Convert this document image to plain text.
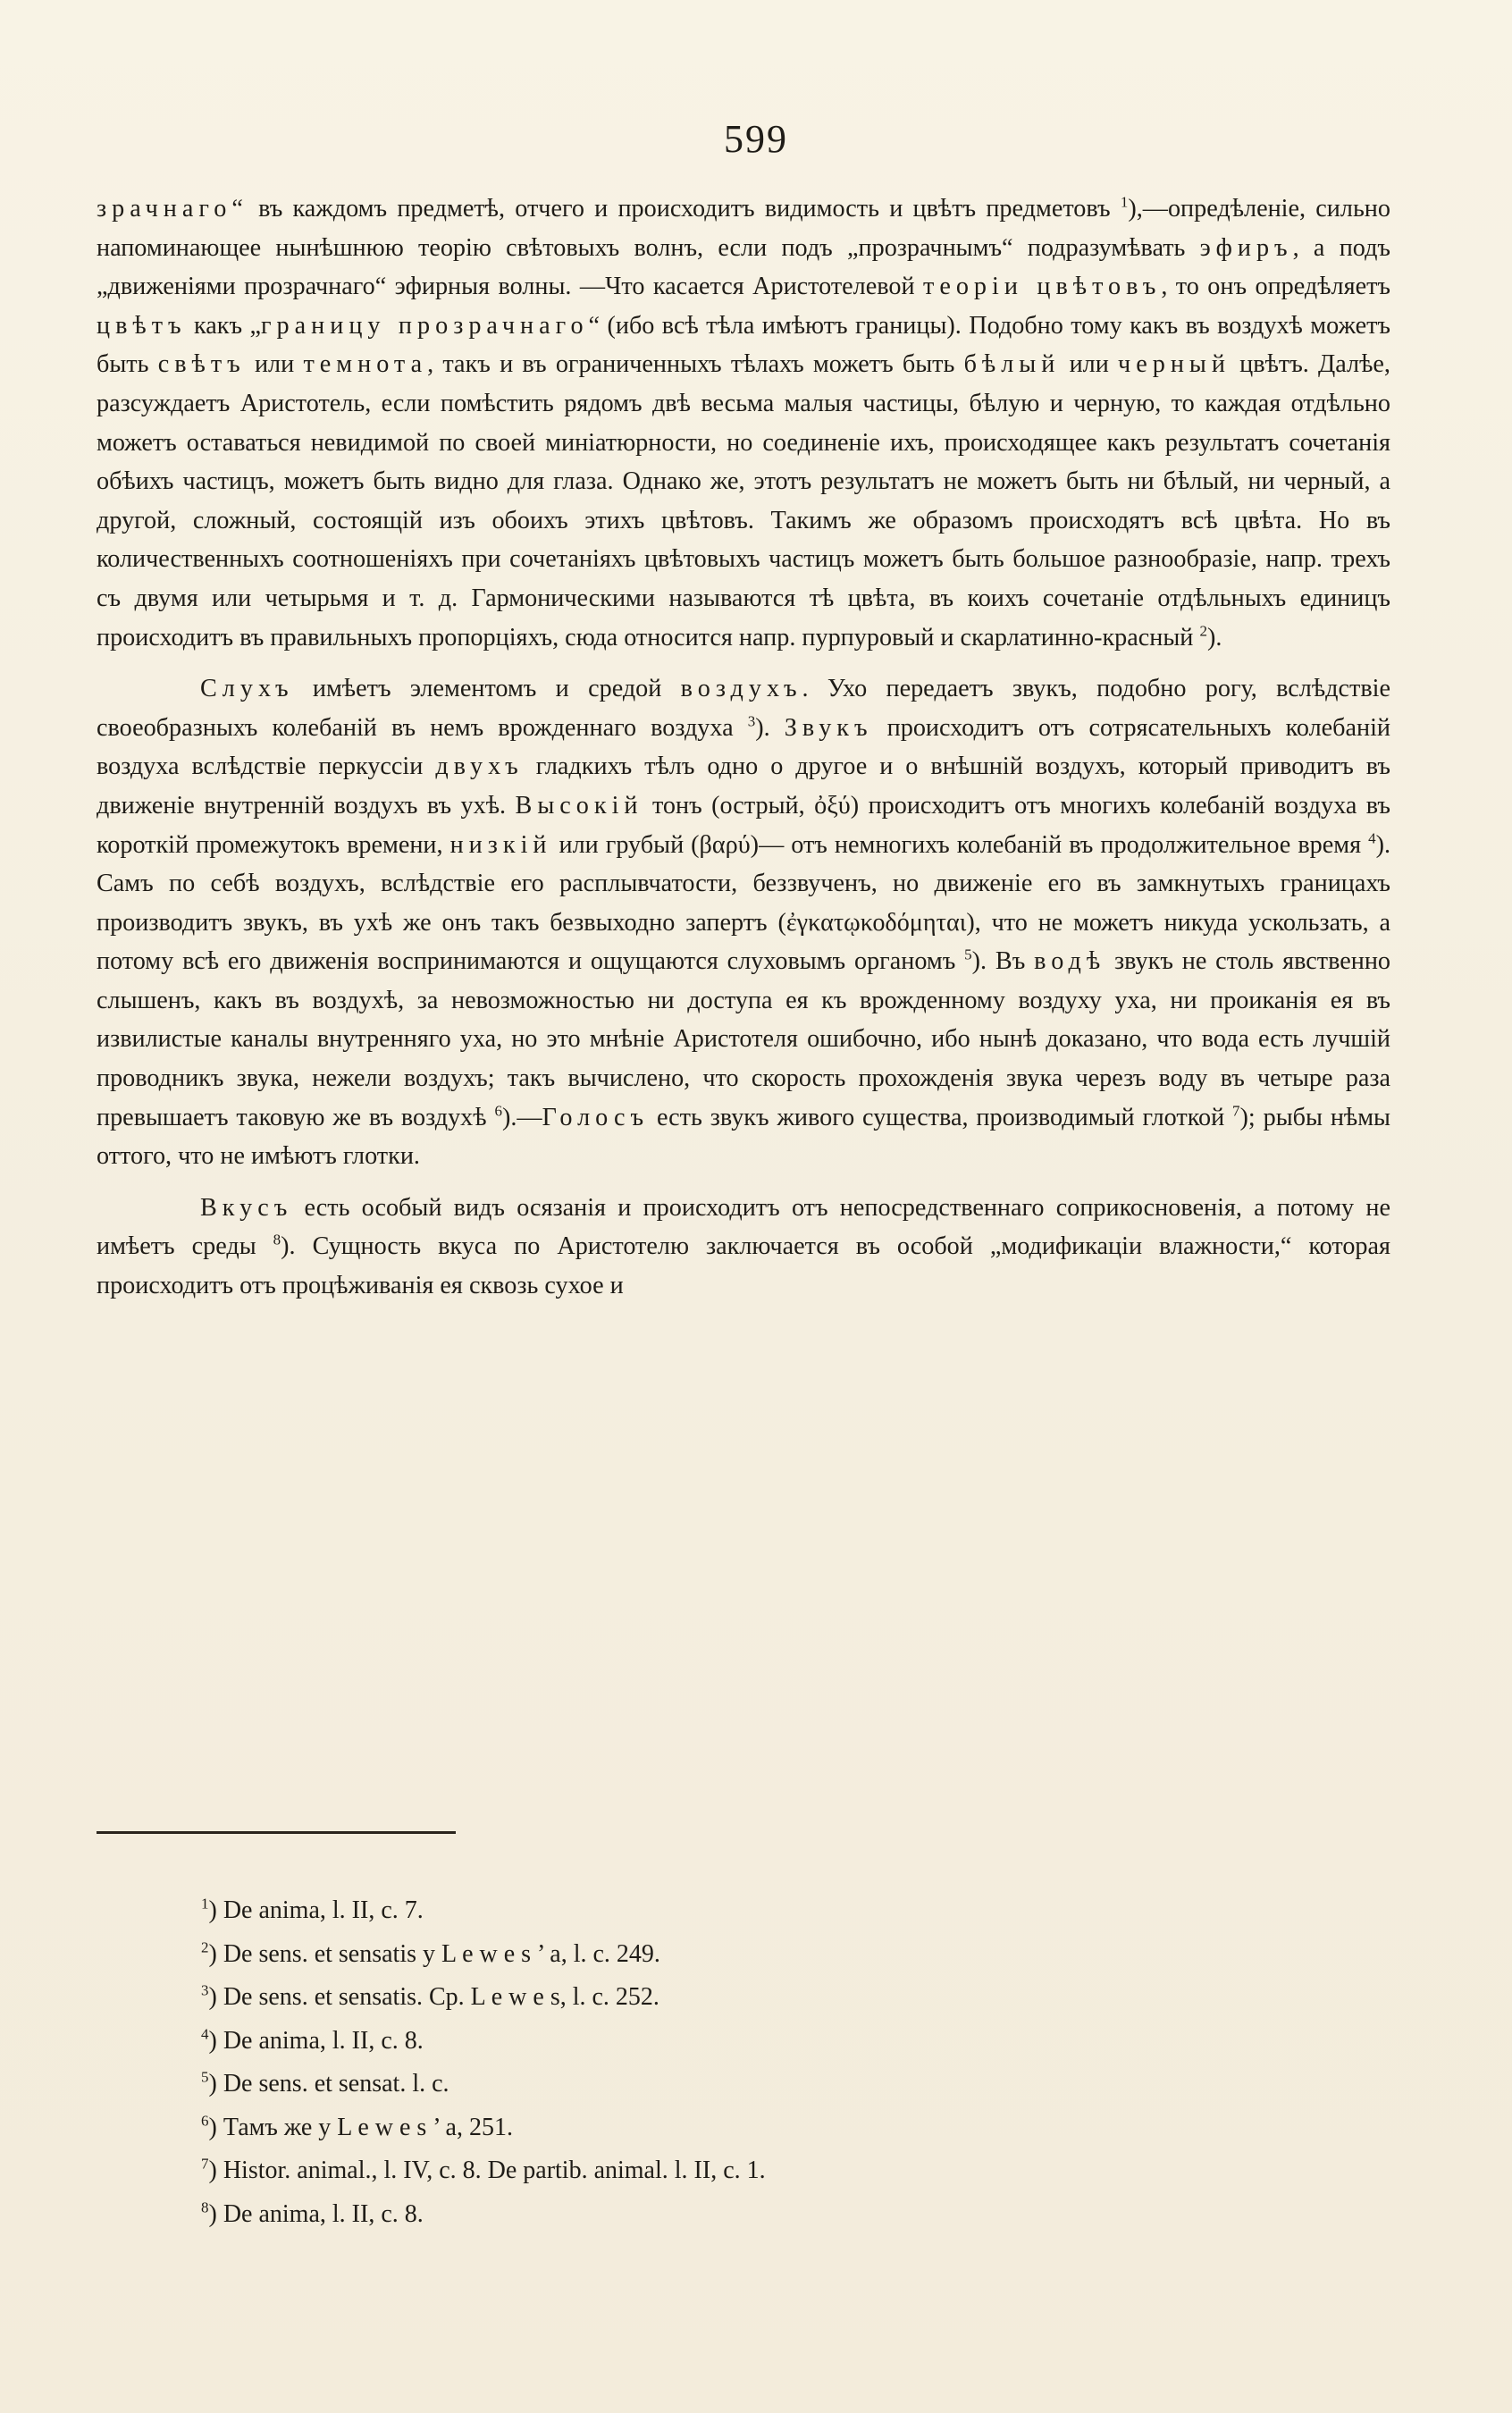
599

зрачнаго“ въ каждомъ предметѣ, отчего и происходитъ видимость и цвѣтъ предметовъ $^1$),—опредѣленіе, сильно напоминающее нынѣшнюю теорію свѣтовыхъ волнъ, если подъ „прозрачнымъ“ подразумѣвать эфиръ, а подъ „движеніями прозрачнаго“ эфирныя волны. —Что касается Аристотелевой теоріи цвѣтовъ, то онъ опредѣляетъ цвѣтъ какъ „границу прозрачнаго“ (ибо всѣ тѣла имѣютъ границы). Подобно тому какъ въ воздухѣ можетъ быть свѣтъ или темнота, такъ и въ ограниченныхъ тѣлахъ можетъ быть бѣлый или черный цвѣтъ. Далѣе, разсуждаетъ Аристотель, если помѣстить рядомъ двѣ весьма малыя частицы, бѣлую и черную, то каждая отдѣльно можетъ оставаться невидимой по своей миніатюрности, но соединеніе ихъ, происходящее какъ результатъ сочетанія обѣихъ частицъ, можетъ быть видно для глаза. Однако же, этотъ результатъ не можетъ быть ни бѣлый, ни черный, а другой, сложный, состоящій изъ обоихъ этихъ цвѣтовъ. Такимъ же образомъ происходятъ всѣ цвѣта. Но въ количественныхъ соотношеніяхъ при сочетаніяхъ цвѣтовыхъ частицъ можетъ быть большое разнообразіе, напр. трехъ съ двумя или четырьмя и т. д. Гармоническими называются тѣ цвѣта, въ коихъ сочетаніе отдѣльныхъ единицъ происходитъ въ правильныхъ пропорціяхъ, сюда относится напр. пурпуровый и скарлатинно-красный $^2$).

Слухъ имѣетъ элементомъ и средой воздухъ. Ухо передаетъ звукъ, подобно рогу, вслѣдствіе своеобразныхъ колебаній въ немъ врожденнаго воздуха $^3$). Звукъ происходитъ отъ сотрясательныхъ колебаній воздуха вслѣдствіе перкуссіи двухъ гладкихъ тѣлъ одно о другое и о внѣшній воздухъ, который приводитъ въ движеніе внутренній воздухъ въ ухѣ. Высокій тонъ (острый, ὀξύ) происходитъ отъ многихъ колебаній воздуха въ короткій промежутокъ времени, низкій или грубый (βαρύ)— отъ немногихъ колебаній въ продолжительное время $^4$). Самъ по себѣ воздухъ, вслѣдствіе его расплывчатости, беззвученъ, но движеніе его въ замкнутыхъ границахъ производитъ звукъ, въ ухѣ же онъ такъ безвыходно запертъ (ἐγκατῳκοδόμηται), что не можетъ никуда ускользать, а потому всѣ его движенія воспринимаются и ощущаются слуховымъ органомъ $^5$). Въ водѣ звукъ не столь явственно слышенъ, какъ въ воздухѣ, за невозможностью ни доступа ея къ врожденному воздуху уха, ни проиканія ея въ извилистые каналы внутренняго уха, но это мнѣніе Аристотеля ошибочно, ибо нынѣ доказано, что вода есть лучшій проводникъ звука, нежели воздухъ; такъ вычислено, что скорость прохожденія звука черезъ воду въ четыре раза превышаетъ таковую же въ воздухѣ $^6$).—Голосъ есть звукъ живого существа, производимый глоткой $^7$); рыбы нѣмы оттого, что не имѣютъ глотки.

Вкусъ есть особый видъ осязанія и происходитъ отъ непосредственнаго соприкосновенія, а потому не имѣетъ среды $^8$). Сущность вкуса по Аристотелю заключается въ особой „модификаціи влажности,“ которая происходитъ отъ процѣживанія ея сквозь сухое и

$^1$) De anima, l. II, c. 7.
$^2$) De sens. et sensatis y L e w e s ’ a, l. c. 249.
$^3$) De sens. et sensatis. Cp. L e w e s, l. c. 252.
$^4$) De anima, l. II, c. 8.
$^5$) De sens. et sensat. l. c.
$^6$) Тамъ же у L e w e s ’ a, 251.
$^7$) Histor. animal., l. IV, c. 8. De partib. animal. l. II, c. 1.
$^8$) De anima, l. II, c. 8.
